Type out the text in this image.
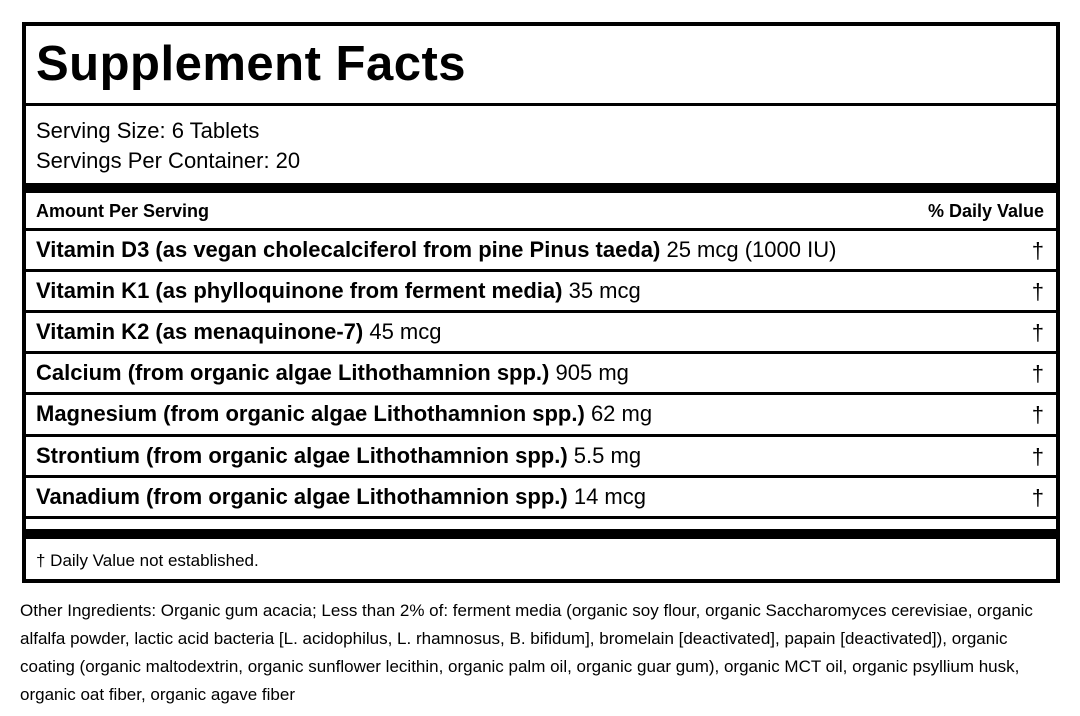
Supplement Facts
Serving Size: 6 Tablets
Servings Per Container: 20
Amount Per Serving	% Daily Value
Vitamin D3 (as vegan cholecalciferol from pine Pinus taeda) 25 mcg (1000 IU)	†
Vitamin K1 (as phylloquinone from ferment media) 35 mcg	†
Vitamin K2 (as menaquinone-7) 45 mcg	†
Calcium (from organic algae Lithothamnion spp.) 905 mg	†
Magnesium (from organic algae Lithothamnion spp.) 62 mg	†
Strontium (from organic algae Lithothamnion spp.) 5.5 mg	†
Vanadium (from organic algae Lithothamnion spp.) 14 mcg	†
† Daily Value not established.
Other Ingredients: Organic gum acacia; Less than 2% of: ferment media (organic soy flour, organic Saccharomyces cerevisiae, organic alfalfa powder, lactic acid bacteria [L. acidophilus, L. rhamnosus, B. bifidum], bromelain [deactivated], papain [deactivated]), organic coating (organic maltodextrin, organic sunflower lecithin, organic palm oil, organic guar gum), organic MCT oil, organic psyllium husk, organic oat fiber, organic agave fiber
